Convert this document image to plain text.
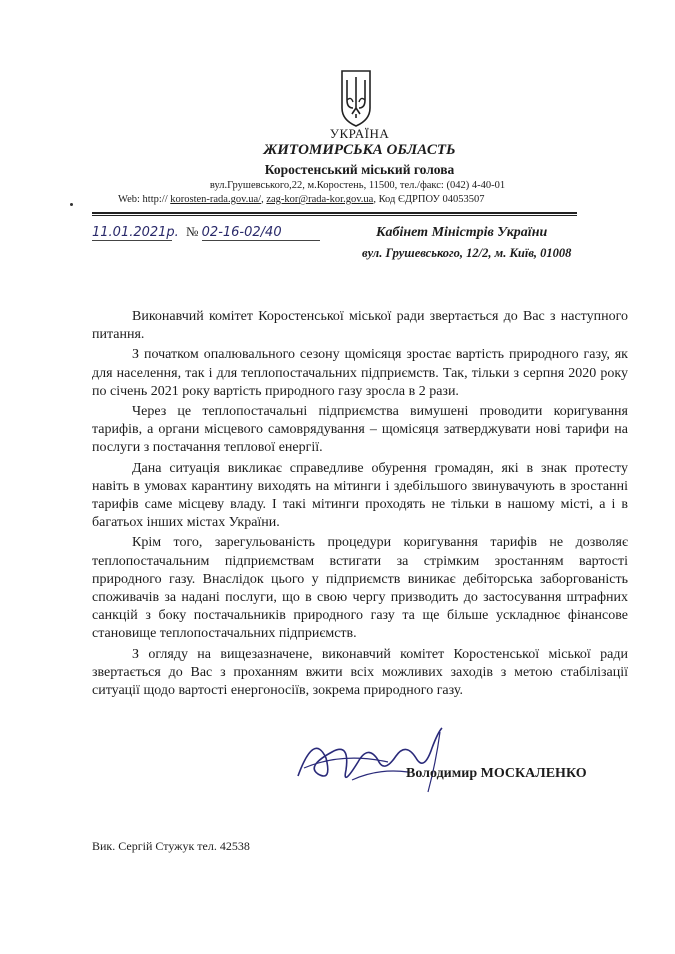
УКРАЇНА
ЖИТОМИРСЬКА ОБЛАСТЬ
Коростенський міський голова
вул.Грушевського,22, м.Коростень, 11500, тел./факс: (042) 4-40-01
Web: http:// korosten-rada.gov.ua/, zag-kor@rada-kor.gov.ua, Код ЄДРПОУ 04053507
11.01.2021р. № 02-16-02/40	Кабінет Міністрів України
вул. Грушевського, 12/2, м. Київ, 01008

Виконавчий комітет Коростенської міської ради звертається до Вас з наступного питання.

З початком опалювального сезону щомісяця зростає вартість природного газу, як для населення, так і для теплопостачальних підприємств. Так, тільки з серпня 2020 року по січень 2021 року вартість природного газу зросла в 2 рази.

Через це теплопостачальні підприємства вимушені проводити коригування тарифів, а органи місцевого самоврядування – щомісяця затверджувати нові тарифи на послуги з постачання теплової енергії.

Дана ситуація викликає справедливе обурення громадян, які в знак протесту навіть в умовах карантину виходять на мітинги і здебільшого звинувачують в зростанні тарифів саме місцеву владу. І такі мітинги проходять не тільки в нашому місті, а і в багатьох інших містах України.

Крім того, зарегульованість процедури коригування тарифів не дозволяє теплопостачальним підприємствам встигати за стрімким зростанням вартості природного газу. Внаслідок цього у підприємств виникає дебіторська заборгованість споживачів за надані послуги, що в свою чергу призводить до застосування штрафних санкцій з боку постачальників природного газу та ще більше ускладнює фінансове становище теплопостачальних підприємств.

З огляду на вищезазначене, виконавчий комітет Коростенської міської ради звертається до Вас з проханням вжити всіх можливих заходів з метою стабілізації ситуації щодо вартості енергоносіїв, зокрема природного газу.

Володимир МОСКАЛЕНКО
Вик. Сергій Стужук тел. 42538
